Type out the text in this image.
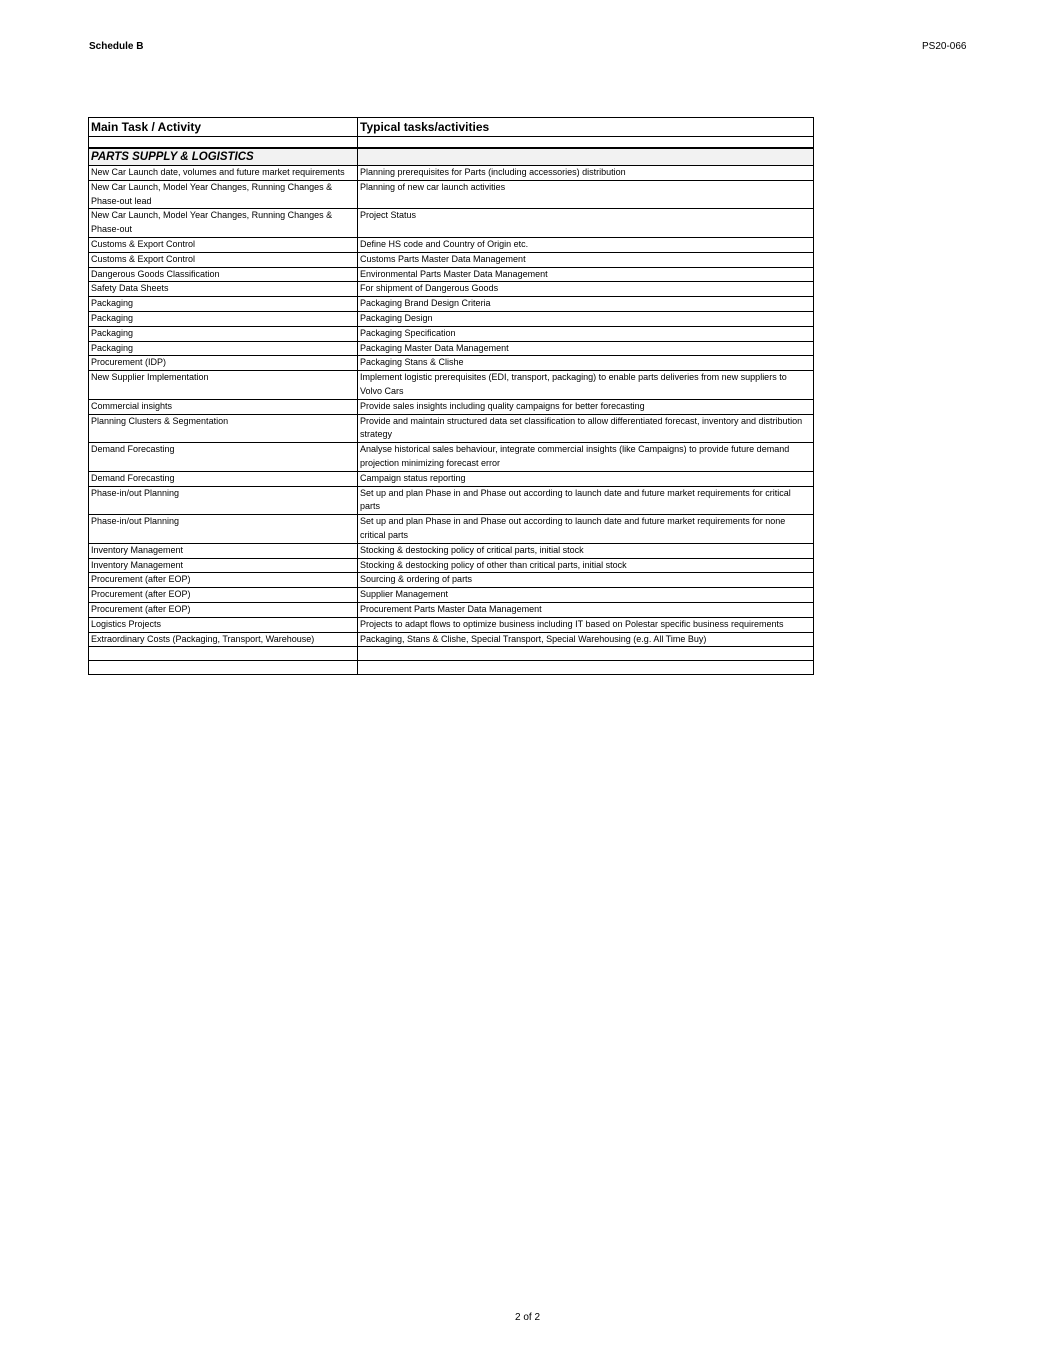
Schedule B	PS20-066
Main Task / Activity	Typical tasks/activities

PARTS SUPPLY & LOGISTICS	
New Car Launch date, volumes and future market requirements	Planning prerequisites for Parts (including accessories) distribution
New Car Launch, Model Year Changes, Running Changes & Phase-out lead	Planning of new car launch activities
New Car Launch, Model Year Changes, Running Changes & Phase-out	Project Status
Customs & Export Control	Define HS code and Country of Origin etc.
Customs & Export Control	Customs Parts Master Data Management
Dangerous Goods Classification	Environmental Parts Master Data Management
Safety Data Sheets	For shipment of Dangerous Goods
Packaging	Packaging Brand Design Criteria
Packaging	Packaging Design
Packaging	Packaging Specification
Packaging	Packaging Master Data Management
Procurement (IDP)	Packaging Stans & Clishe
New Supplier Implementation	Implement logistic prerequisites (EDI, transport, packaging) to enable parts deliveries from new suppliers to Volvo Cars
Commercial insights	Provide sales insights including quality campaigns for better forecasting
Planning Clusters & Segmentation	Provide and maintain structured data set classification to allow differentiated forecast, inventory and distribution strategy
Demand Forecasting	Analyse historical sales behaviour, integrate commercial insights (like Campaigns) to provide future demand projection minimizing forecast error
Demand Forecasting	Campaign status reporting
Phase-in/out Planning	Set up and plan Phase in and Phase out according to launch date and future market requirements for critical parts
Phase-in/out Planning	Set up and plan Phase in and Phase out according to launch date and future market requirements for none critical parts
Inventory Management	Stocking & destocking policy of critical parts, initial stock
Inventory Management	Stocking & destocking policy of other than critical parts, initial stock
Procurement (after EOP)	Sourcing & ordering of parts
Procurement (after EOP)	Supplier Management
Procurement (after EOP)	Procurement Parts Master Data Management
Logistics Projects	Projects to adapt flows to optimize business including IT based on Polestar specific business requirements
Extraordinary Costs (Packaging, Transport, Warehouse)	Packaging, Stans & Clishe, Special Transport, Special Warehousing (e.g. All Time Buy)

2 of 2
